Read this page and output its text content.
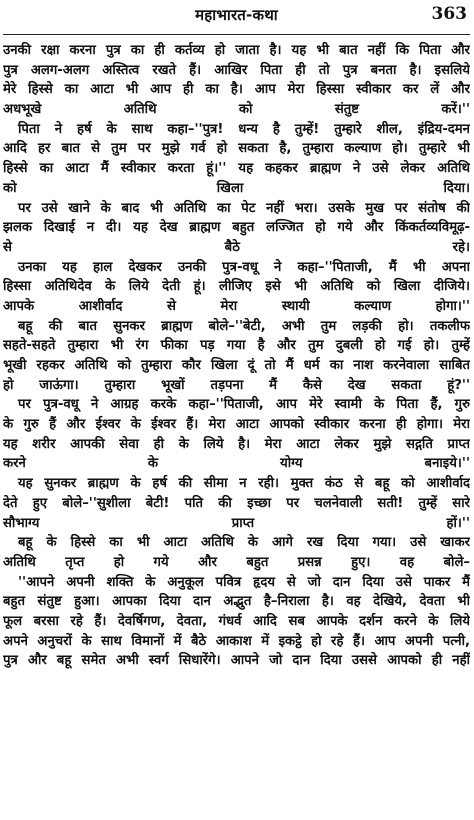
महाभारत-कथा	363

उनकी रक्षा करना पुत्र का ही कर्तव्य हो जाता है। यह भी बात नहीं कि पिता और
पुत्र अलग-अलग अस्तित्व रखते हैं। आखिर पिता ही तो पुत्र बनता है। इसलिये
मेरे हिस्से का आटा भी आप ही का है। आप मेरा हिस्सा स्वीकार कर लें और
अधभूखे अतिथि को संतुष्ट करें।''

पिता ने हर्ष के साथ कहा–''पुत्र! धन्य है तुम्हें! तुम्हारे शील, इंद्रिय-दमन
आदि हर बात से तुम पर मुझे गर्व हो सकता है, तुम्हारा कल्याण हो। तुम्हारे भी
हिस्से का आटा मैं स्वीकार करता हूं।'' यह कहकर ब्राह्मण ने उसे लेकर अतिथि
को खिला दिया।

पर उसे खाने के बाद भी अतिथि का पेट नहीं भरा। उसके मुख पर संतोष की
झलक दिखाई न दी। यह देख ब्राह्मण बहुत लज्जित हो गये और किंकर्तव्यविमूढ़-
से बैठे रहे।

उनका यह हाल देखकर उनकी पुत्र-वधू ने कहा–''पिताजी, मैं भी अपना
हिस्सा अतिथिदेव के लिये देती हूं। लीजिए इसे भी अतिथि को खिला दीजिये।
आपके आशीर्वाद से मेरा स्थायी कल्याण होगा।''

बहू की बात सुनकर ब्राह्मण बोले–''बेटी, अभी तुम लड़की हो। तकलीफ
सहते-सहते तुम्हारा भी रंग फीका पड़ गया है और तुम दुबली हो गई हो। तुम्हें
भूखी रहकर अतिथि को तुम्हारा कौर खिला दूं तो मैं धर्म का नाश करनेवाला साबित
हो जाऊंगा। तुम्हारा भूखों तड़पना मैं कैसे देख सकता हूं?''

पर पुत्र-वधू ने आग्रह करके कहा–''पिताजी, आप मेरे स्वामी के पिता हैं, गुरु
के गुरु हैं और ईश्वर के ईश्वर हैं। मेरा आटा आपको स्वीकार करना ही होगा। मेरा
यह शरीर आपकी सेवा ही के लिये है। मेरा आटा लेकर मुझे सद्गति प्राप्त
करने के योग्य बनाइये।''

यह सुनकर ब्राह्मण के हर्ष की सीमा न रही। मुक्त कंठ से बहू को आशीर्वाद
देते हुए बोले–''सुशीला बेटी! पति की इच्छा पर चलनेवाली सती! तुम्हें सारे
सौभाग्य प्राप्त हों।''

बहू के हिस्से का भी आटा अतिथि के आगे रख दिया गया। उसे खाकर
अतिथि तृप्त हो गये और बहुत प्रसन्न हुए। वह बोले–

''आपने अपनी शक्ति के अनुकूल पवित्र हृदय से जो दान दिया उसे पाकर मैं
बहुत संतुष्ट हुआ। आपका दिया दान अद्भुत है–निराला है। वह देखिये, देवता भी
फूल बरसा रहे हैं। देवर्षिगण, देवता, गंधर्व आदि सब आपके दर्शन करने के लिये
अपने अनुचरों के साथ विमानों में बैठे आकाश में इकट्ठे हो रहे हैं। आप अपनी पत्नी,
पुत्र और बहू समेत अभी स्वर्ग सिधारेंगे। आपने जो दान दिया उससे आपको ही नहीं
